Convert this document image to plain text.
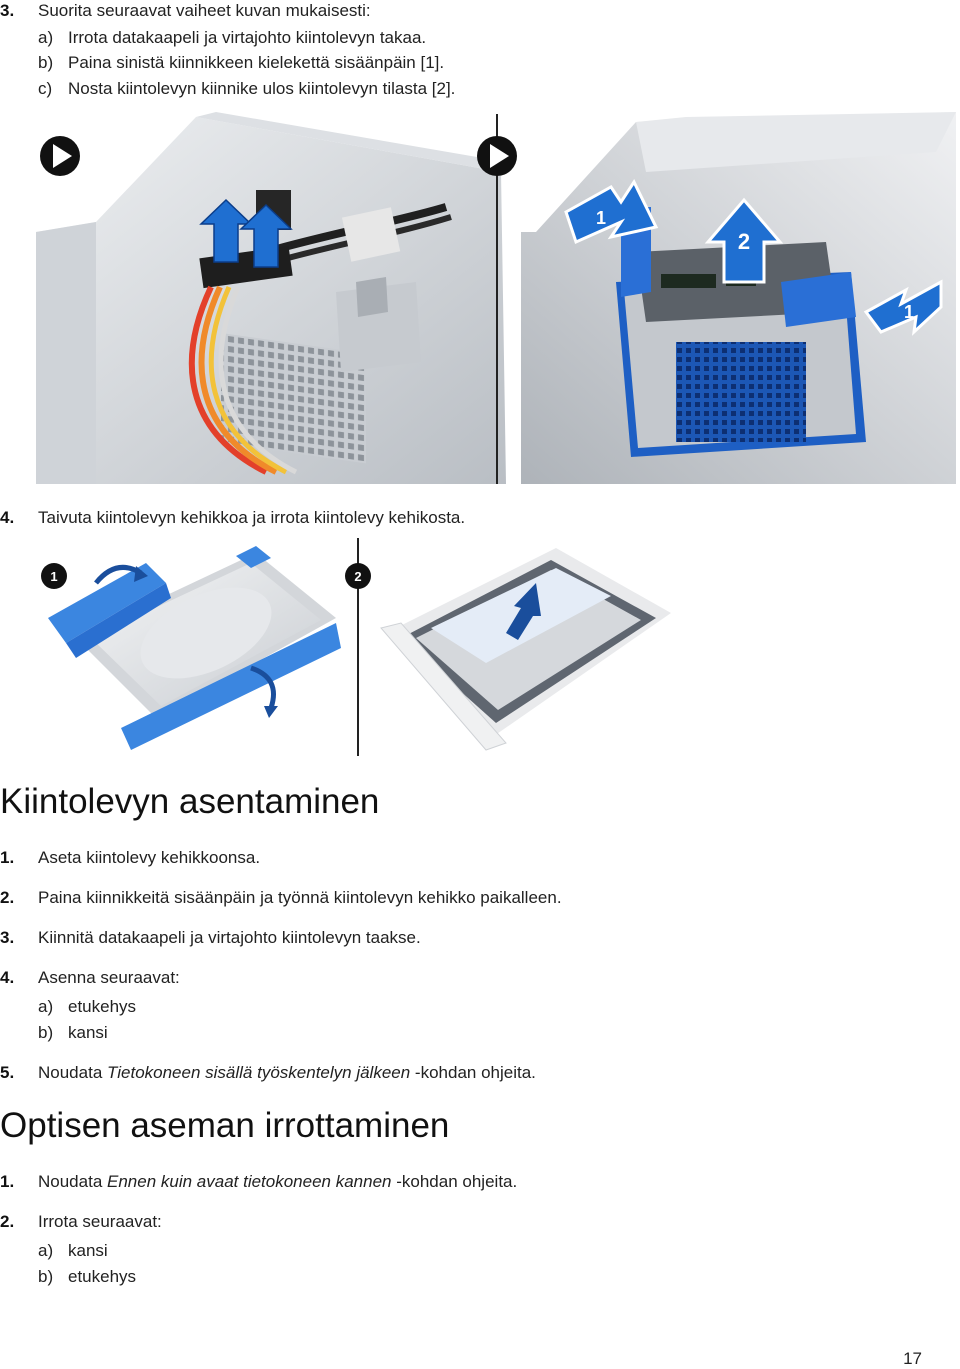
3. Suorita seuraavat vaiheet kuvan mukaisesti:
a) Irrota datakaapeli ja virtajohto kiintolevyn takaa.
b) Paina sinistä kiinnikkeen kielekettä sisäänpäin [1].
c) Nosta kiintolevyn kiinnike ulos kiintolevyn tilasta [2].
1
2
1
4. Taivuta kiintolevyn kehikkoa ja irrota kiintolevy kehikosta.
1	2
Kiintolevyn asentaminen
1. Aseta kiintolevy kehikkoonsa.
2. Paina kiinnikkeitä sisäänpäin ja työnnä kiintolevyn kehikko paikalleen.
3. Kiinnitä datakaapeli ja virtajohto kiintolevyn taakse.
4. Asenna seuraavat:
a) etukehys
b) kansi
5. Noudata Tietokoneen sisällä työskentelyn jälkeen -kohdan ohjeita.
Optisen aseman irrottaminen
1. Noudata Ennen kuin avaat tietokoneen kannen -kohdan ohjeita.
2. Irrota seuraavat:
a) kansi
b) etukehys
17
